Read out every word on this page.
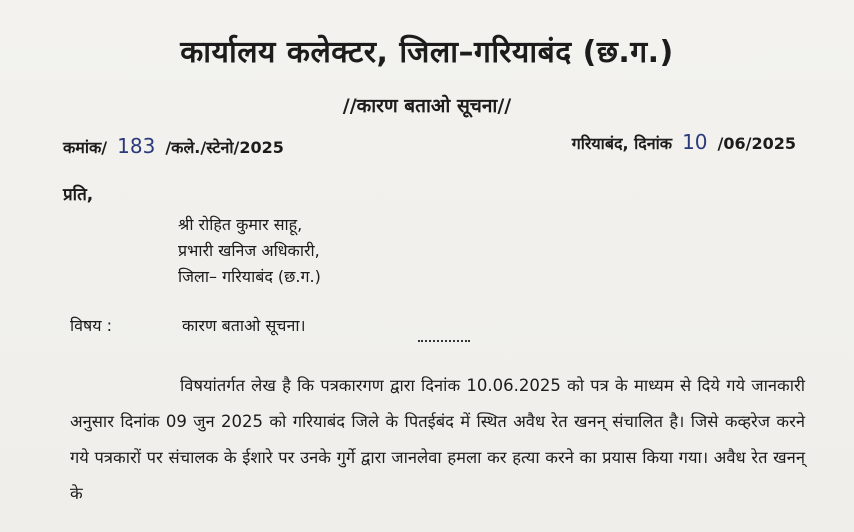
कार्यालय कलेक्टर, जिला–गरियाबंद (छ.ग.)
//कारण बताओ सूचना//
कमांक/ 183 /कले./स्टेनो/2025	गरियाबंद, दिनांक 10 /06/2025
प्रति,
श्री रोहित कुमार साहू,
प्रभारी खनिज अधिकारी,
जिला– गरियाबंद (छ.ग.)
विषय :	कारण बताओ सूचना।

विषयांतर्गत लेख है कि पत्रकारगण द्वारा दिनांक 10.06.2025 को पत्र के माध्यम से दिये गये जानकारी अनुसार दिनांक 09 जुन 2025 को गरियाबंद जिले के पितईबंद में स्थित अवैध रेत खनन् संचालित है। जिसे कव्हरेज करने गये पत्रकारों पर संचालक के ईशारे पर उनके गुर्गे द्वारा जानलेवा हमला कर हत्या करने का प्रयास किया गया। अवैध रेत खनन् के
